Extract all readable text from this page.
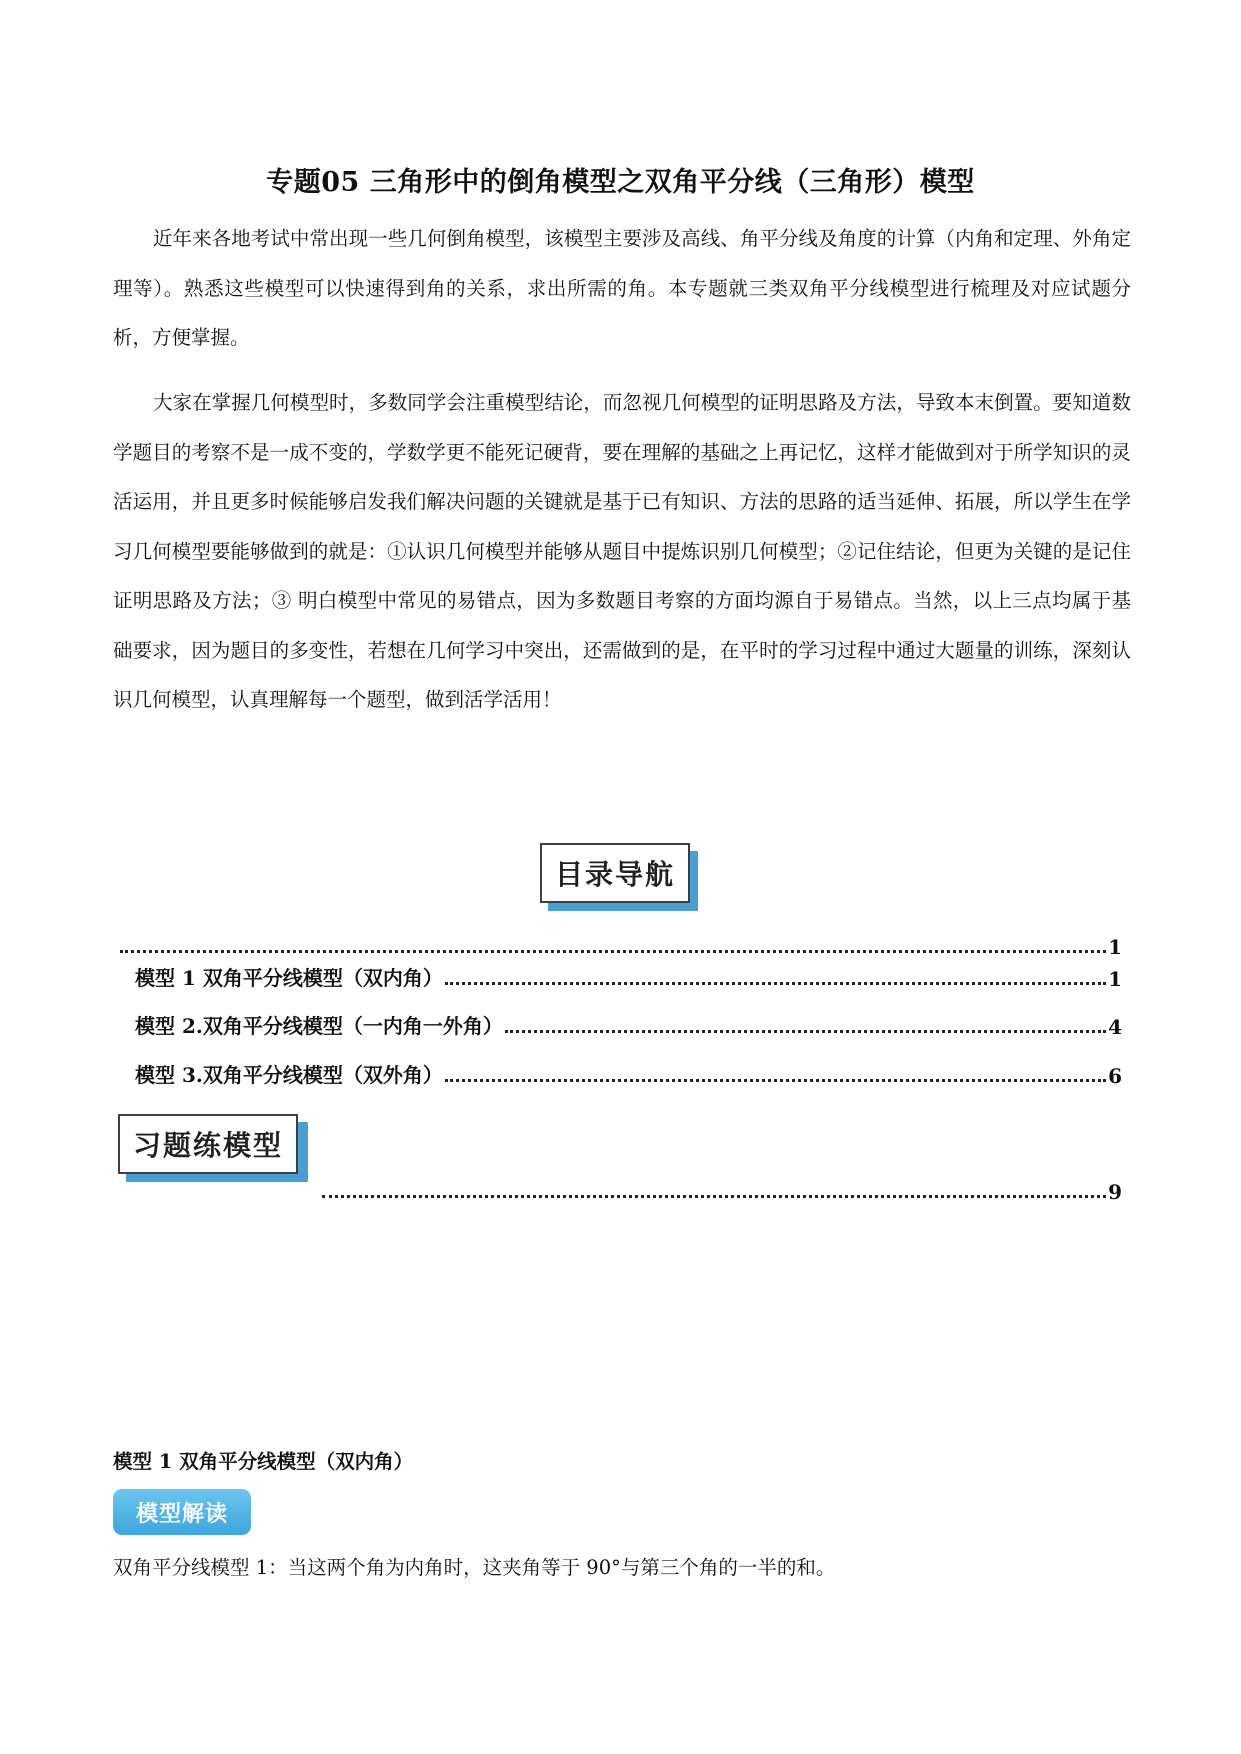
专题05 三角形中的倒角模型之双角平分线（三角形）模型

近年来各地考试中常出现一些几何倒角模型，该模型主要涉及高线、角平分线及角度的计算（内角和定理、外角定理等）。熟悉这些模型可以快速得到角的关系，求出所需的角。本专题就三类双角平分线模型进行梳理及对应试题分析，方便掌握。

大家在掌握几何模型时，多数同学会注重模型结论，而忽视几何模型的证明思路及方法，导致本末倒置。要知道数学题目的考察不是一成不变的，学数学更不能死记硬背，要在理解的基础之上再记忆，这样才能做到对于所学知识的灵活运用，并且更多时候能够启发我们解决问题的关键就是基于已有知识、方法的思路的适当延伸、拓展，所以学生在学习几何模型要能够做到的就是：①认识几何模型并能够从题目中提炼识别几何模型；②记住结论，但更为关键的是记住证明思路及方法；③ 明白模型中常见的易错点，因为多数题目考察的方面均源自于易错点。当然，以上三点均属于基础要求，因为题目的多变性，若想在几何学习中突出，还需做到的是，在平时的学习过程中通过大题量的训练，深刻认识几何模型，认真理解每一个题型，做到活学活用！

目录导航
1
模型 1 双角平分线模型（双内角）	1
模型 2.双角平分线模型（一内角一外角）	4
模型 3.双角平分线模型（双外角）	6
习题练模型
9
模型 1 双角平分线模型（双内角）
模型解读
双角平分线模型 1：当这两个角为内角时，这夹角等于 90°与第三个角的一半的和。
